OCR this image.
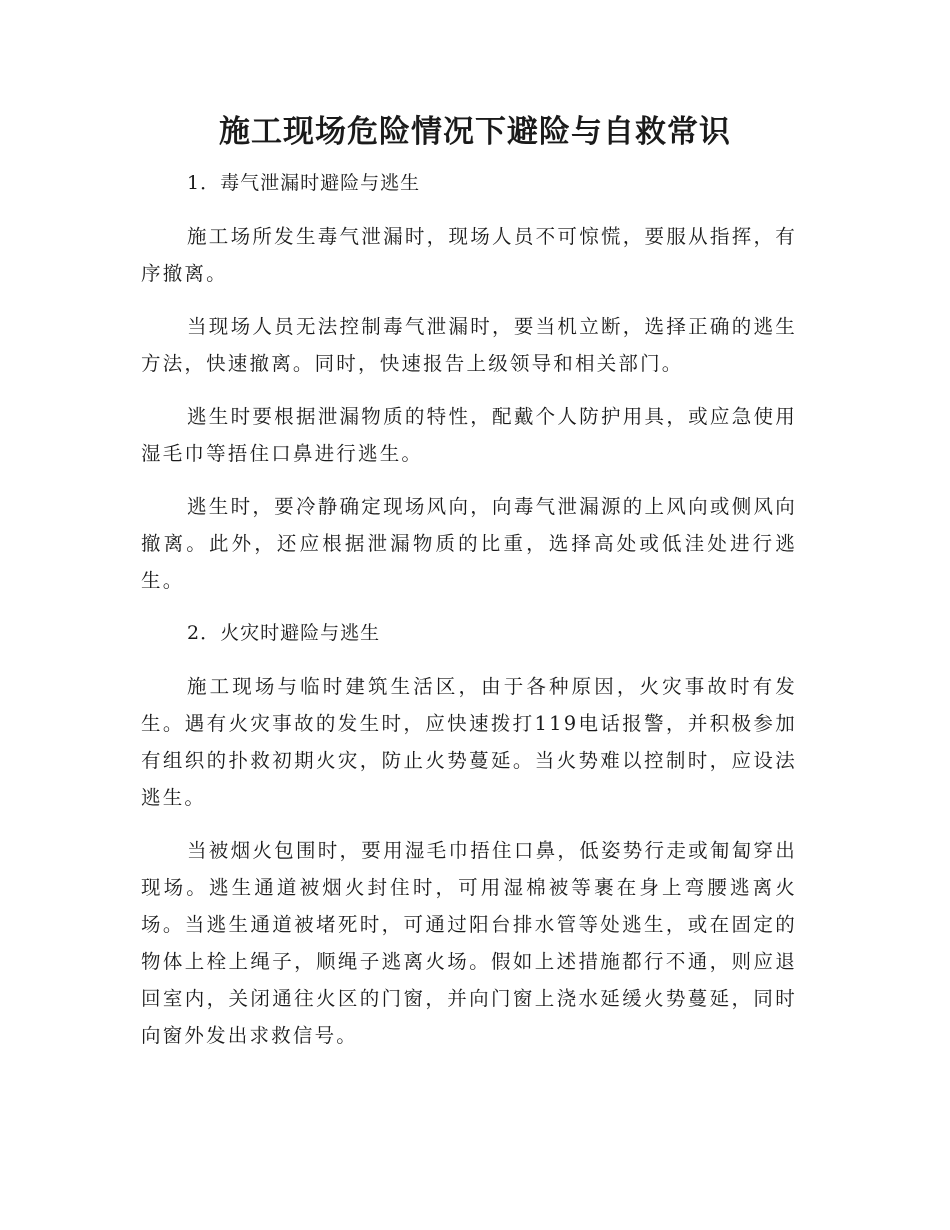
施工现场危险情况下避险与自救常识

1．毒气泄漏时避险与逃生

施工场所发生毒气泄漏时，现场人员不可惊慌，要服从指挥，有序撤离。

当现场人员无法控制毒气泄漏时，要当机立断，选择正确的逃生方法，快速撤离。同时，快速报告上级领导和相关部门。

逃生时要根据泄漏物质的特性，配戴个人防护用具，或应急使用湿毛巾等捂住口鼻进行逃生。

逃生时，要冷静确定现场风向，向毒气泄漏源的上风向或侧风向撤离。此外，还应根据泄漏物质的比重，选择高处或低洼处进行逃生。

2．火灾时避险与逃生

施工现场与临时建筑生活区，由于各种原因，火灾事故时有发生。遇有火灾事故的发生时，应快速拨打119电话报警，并积极参加有组织的扑救初期火灾，防止火势蔓延。当火势难以控制时，应设法逃生。

当被烟火包围时，要用湿毛巾捂住口鼻，低姿势行走或匍匐穿出现场。逃生通道被烟火封住时，可用湿棉被等裹在身上弯腰逃离火场。当逃生通道被堵死时，可通过阳台排水管等处逃生，或在固定的物体上栓上绳子，顺绳子逃离火场。假如上述措施都行不通，则应退回室内，关闭通往火区的门窗，并向门窗上浇水延缓火势蔓延，同时向窗外发出求救信号。
